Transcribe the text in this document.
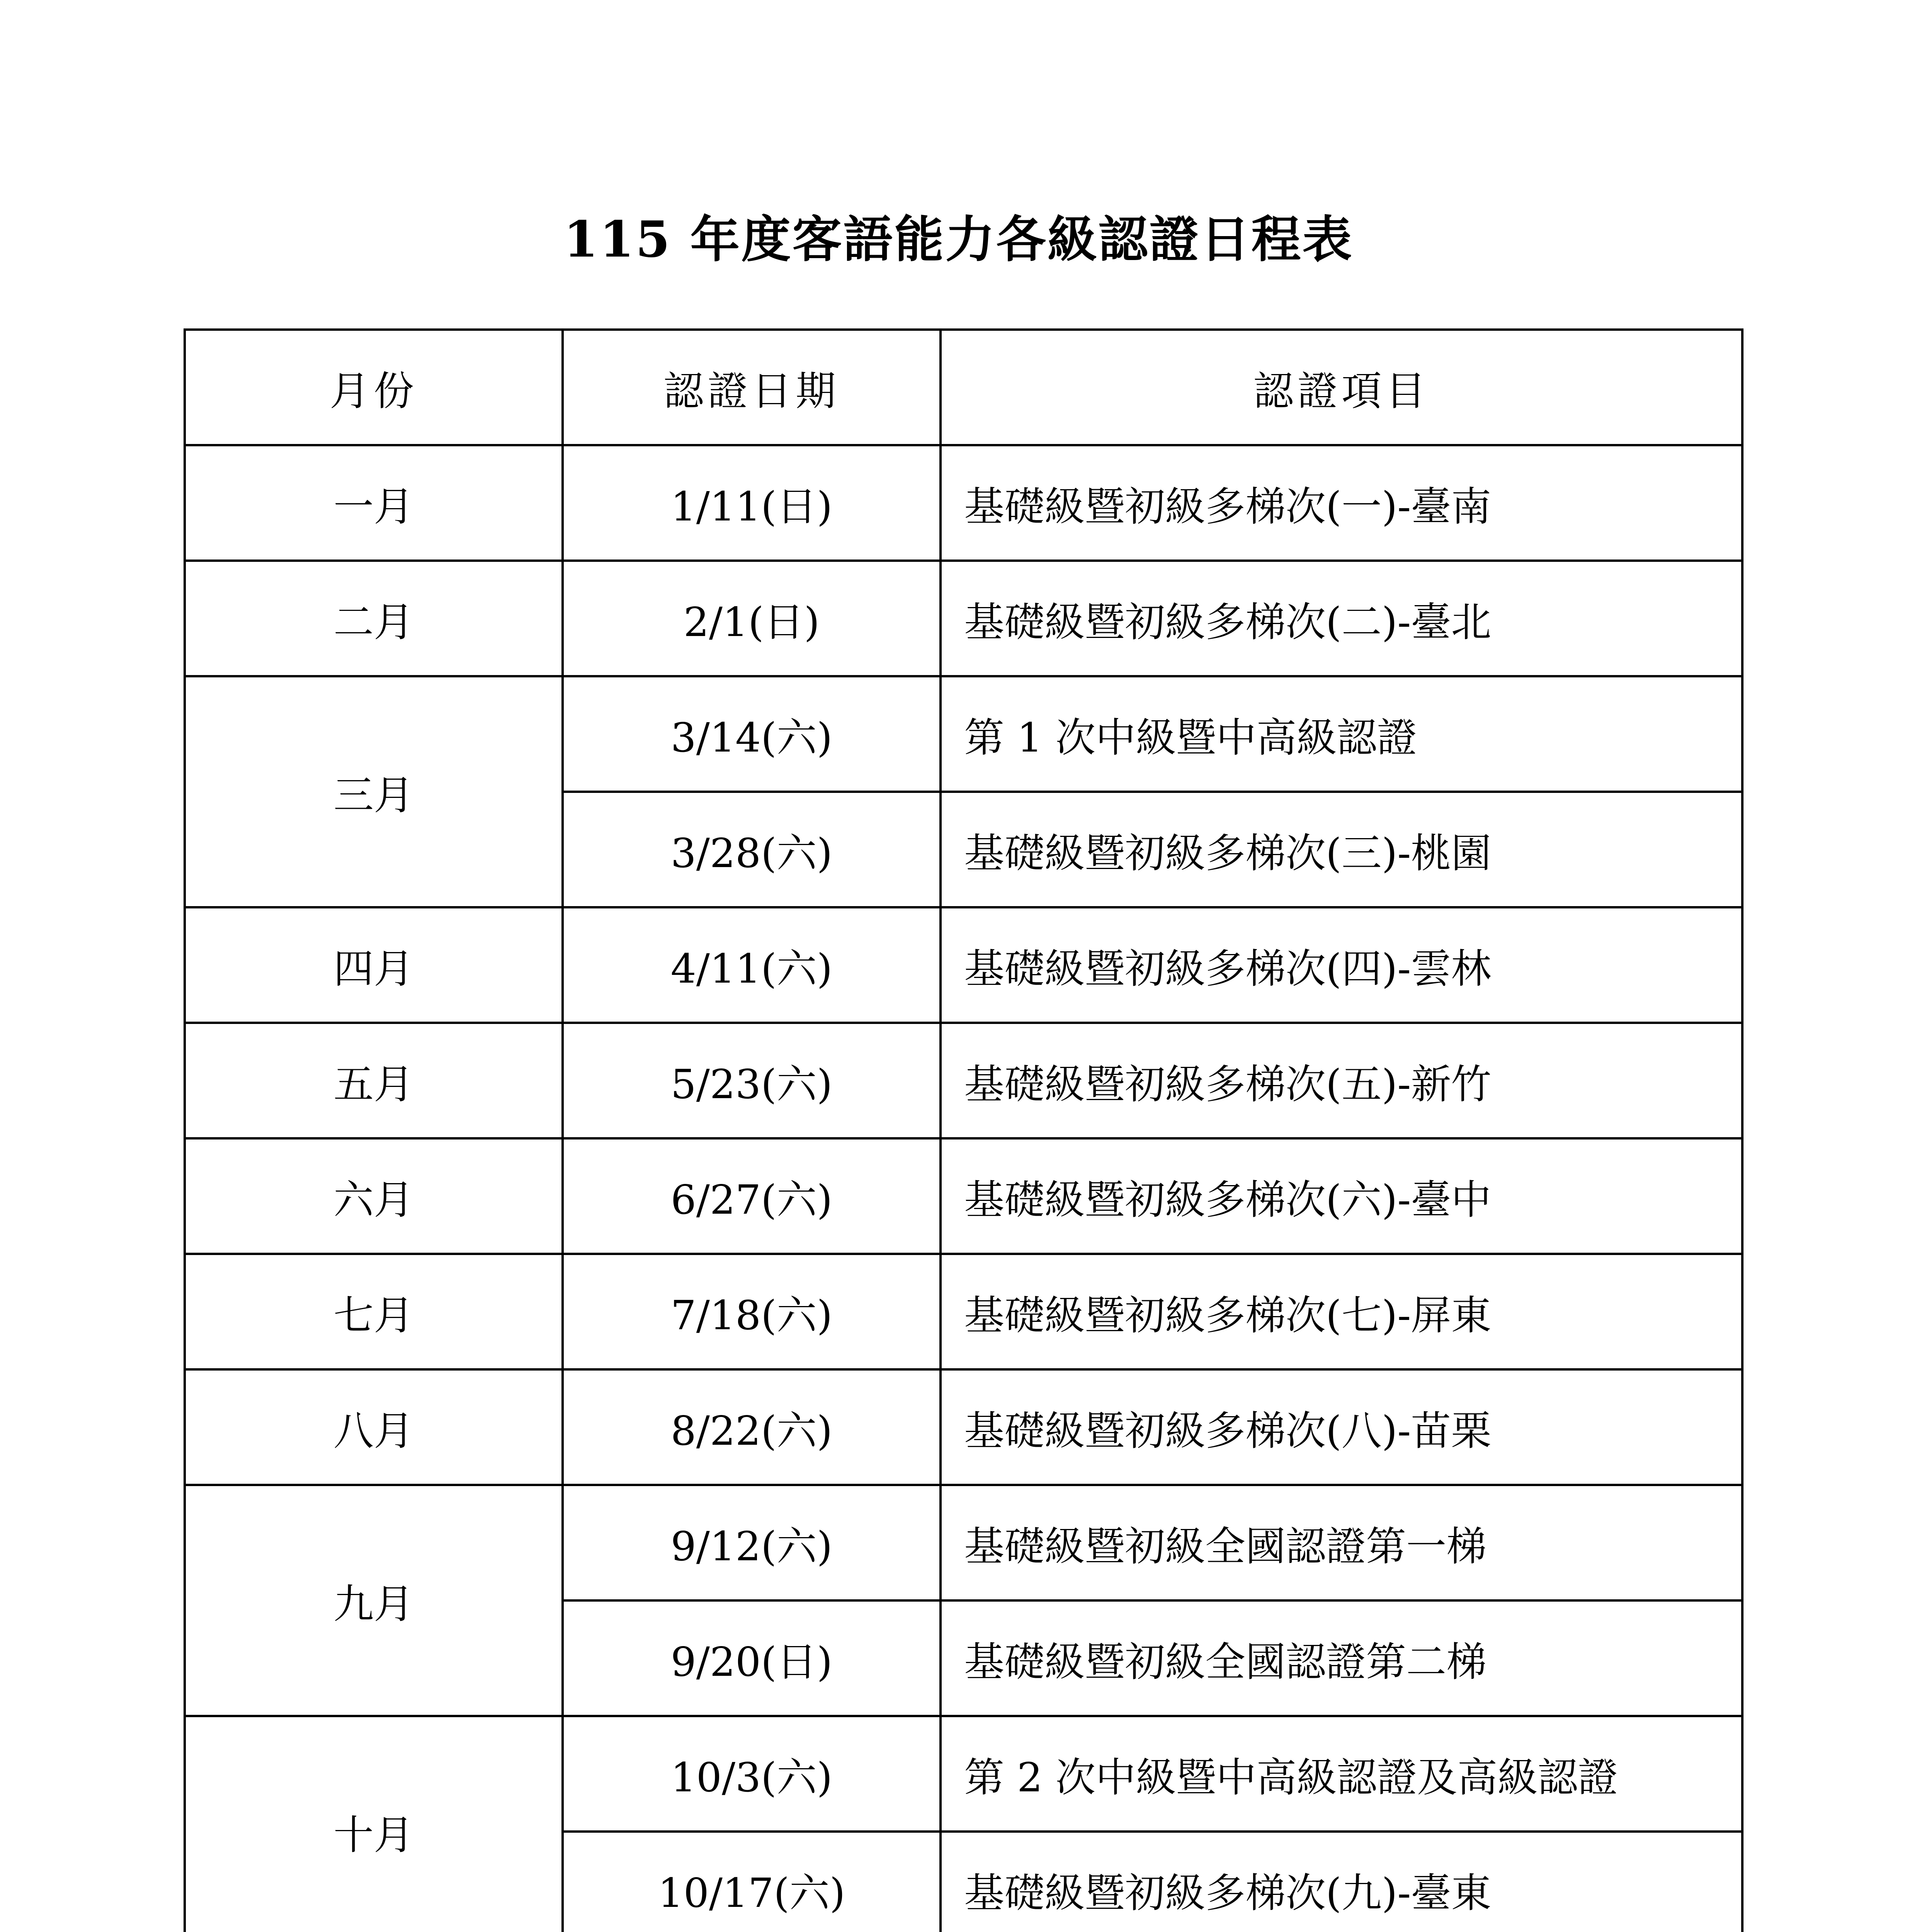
115 年度客語能力各級認證日程表
月份	認證日期	認證項目
一月	1/11(日)	基礎級暨初級多梯次(一)-臺南
二月	2/1(日)	基礎級暨初級多梯次(二)-臺北
三月	3/14(六)	第 1 次中級暨中高級認證
	3/28(六)	基礎級暨初級多梯次(三)-桃園
四月	4/11(六)	基礎級暨初級多梯次(四)-雲林
五月	5/23(六)	基礎級暨初級多梯次(五)-新竹
六月	6/27(六)	基礎級暨初級多梯次(六)-臺中
七月	7/18(六)	基礎級暨初級多梯次(七)-屏東
八月	8/22(六)	基礎級暨初級多梯次(八)-苗栗
九月	9/12(六)	基礎級暨初級全國認證第一梯
	9/20(日)	基礎級暨初級全國認證第二梯
十月	10/3(六)	第 2 次中級暨中高級認證及高級認證
	10/17(六)	基礎級暨初級多梯次(九)-臺東
